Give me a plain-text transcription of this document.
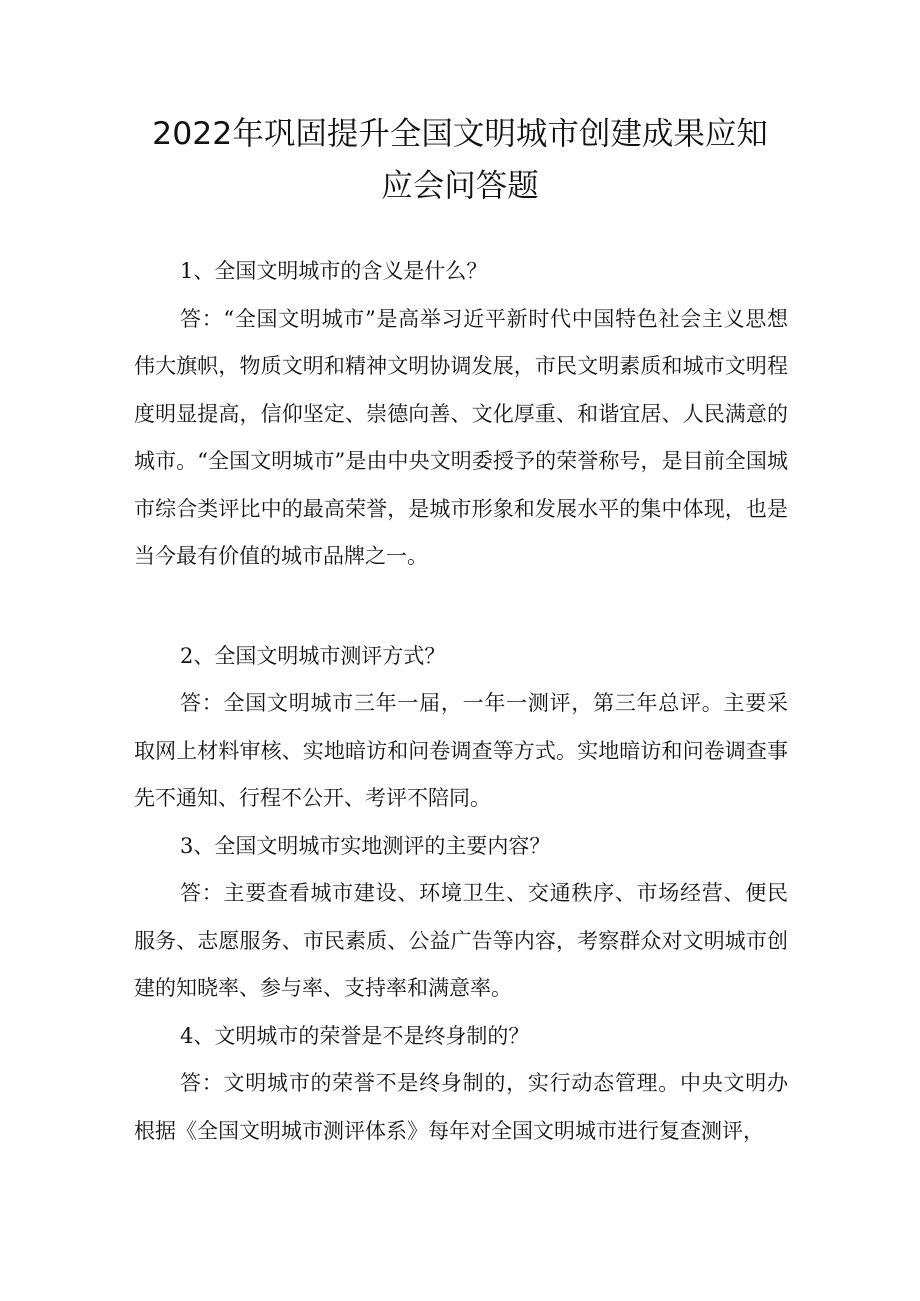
2022年巩固提升全国文明城市创建成果应知
应会问答题

1、全国文明城市的含义是什么？

答：“全国文明城市”是高举习近平新时代中国特色社会主义思想伟大旗帜，物质文明和精神文明协调发展，市民文明素质和城市文明程度明显提高，信仰坚定、崇德向善、文化厚重、和谐宜居、人民满意的城市。“全国文明城市”是由中央文明委授予的荣誉称号，是目前全国城市综合类评比中的最高荣誉，是城市形象和发展水平的集中体现，也是当今最有价值的城市品牌之一。

2、全国文明城市测评方式？

答：全国文明城市三年一届，一年一测评，第三年总评。主要采取网上材料审核、实地暗访和问卷调查等方式。实地暗访和问卷调查事先不通知、行程不公开、考评不陪同。

3、全国文明城市实地测评的主要内容？

答：主要查看城市建设、环境卫生、交通秩序、市场经营、便民服务、志愿服务、市民素质、公益广告等内容，考察群众对文明城市创建的知晓率、参与率、支持率和满意率。

4、文明城市的荣誉是不是终身制的？

答：文明城市的荣誉不是终身制的，实行动态管理。中央文明办根据《全国文明城市测评体系》每年对全国文明城市进行复查测评，
